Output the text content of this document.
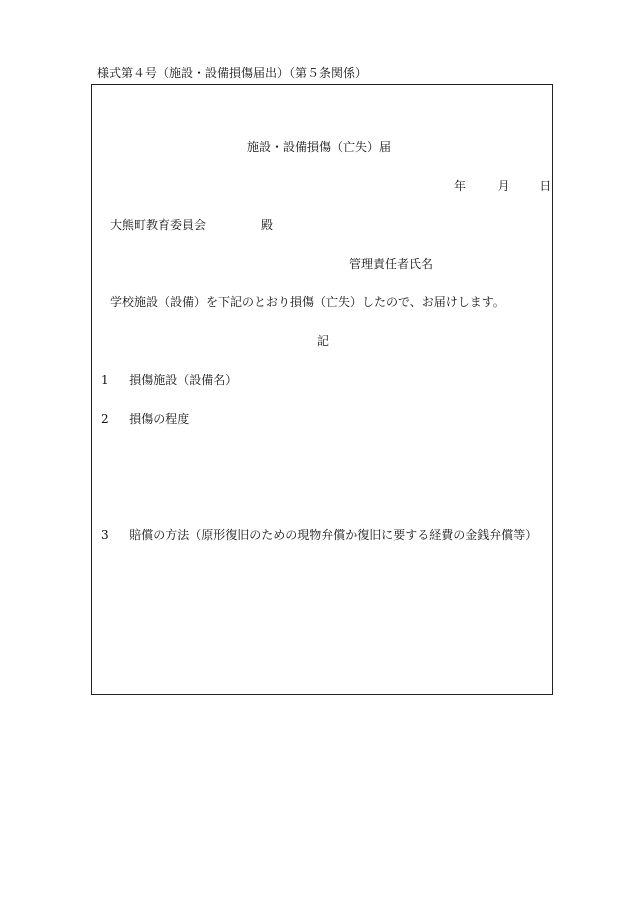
様式第４号（施設・設備損傷届出）（第５条関係）
施設・設備損傷（亡失）届
年	月 日
大熊町教育委員会	殿
管理責任者氏名
学校施設（設備）を下記のとおり損傷（亡失）したので、お届けします。
記
1 損傷施設（設備名）
2 損傷の程度
3 賠償の方法（原形復旧のための現物弁償か復旧に要する経費の金銭弁償等）
